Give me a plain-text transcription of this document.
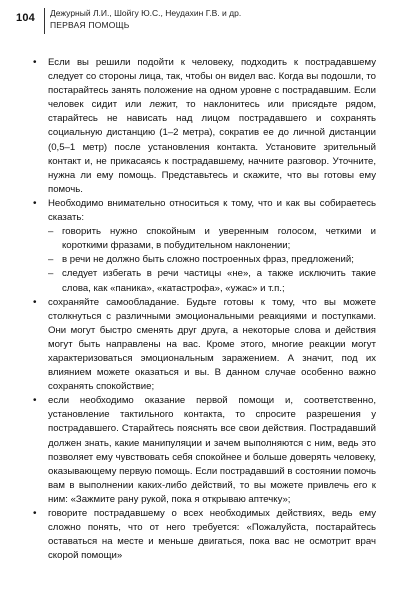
104 Дежурный Л.И., Шойгу Ю.С., Неудахин Г.В. и др.
ПЕРВАЯ ПОМОЩЬ
• Если вы решили подойти к человеку, подходить к пострадавшему следует со стороны лица, так, чтобы он видел вас. Когда вы подошли, то постарайтесь занять положение на одном уровне с пострадавшим. Если человек сидит или лежит, то наклонитесь или присядьте рядом, старайтесь не нависать над лицом пострадавшего и сохранять социальную дистанцию (1–2 метра), сократив ее до личной дистанции (0,5–1 метр) после установления контакта. Установите зрительный контакт и, не прикасаясь к пострадавшему, начните разговор. Уточните, нужна ли ему помощь. Представьтесь и скажите, что вы готовы ему помочь.
• Необходимо внимательно относиться к тому, что и как вы собираетесь сказать:
– говорить нужно спокойным и уверенным голосом, четкими и короткими фразами, в побудительном наклонении;
– в речи не должно быть сложно построенных фраз, предложений;
– следует избегать в речи частицы «не», а также исключить такие слова, как «паника», «катастрофа», «ужас» и т.п.;
• сохраняйте самообладание. Будьте готовы к тому, что вы можете столкнуться с различными эмоциональными реакциями и поступками. Они могут быстро сменять друг друга, а некоторые слова и действия могут быть направлены на вас. Кроме этого, многие реакции могут характеризоваться эмоциональным заражением. А значит, под их влиянием можете оказаться и вы. В данном случае особенно важно сохранять спокойствие;
• если необходимо оказание первой помощи и, соответственно, установление тактильного контакта, то спросите разрешения у пострадавшего. Старайтесь пояснять все свои действия. Пострадавший должен знать, какие манипуляции и зачем выполняются с ним, ведь это позволяет ему чувствовать себя спокойнее и больше доверять человеку, оказывающему первую помощь. Если пострадавший в состоянии помочь вам в выполнении каких-либо действий, то вы можете привлечь его к ним: «Зажмите рану рукой, пока я открываю аптечку»;
• говорите пострадавшему о всех необходимых действиях, ведь ему сложно понять, что от него требуется: «Пожалуйста, постарайтесь оставаться на месте и меньше двигаться, пока вас не осмотрит врач скорой помощи»
